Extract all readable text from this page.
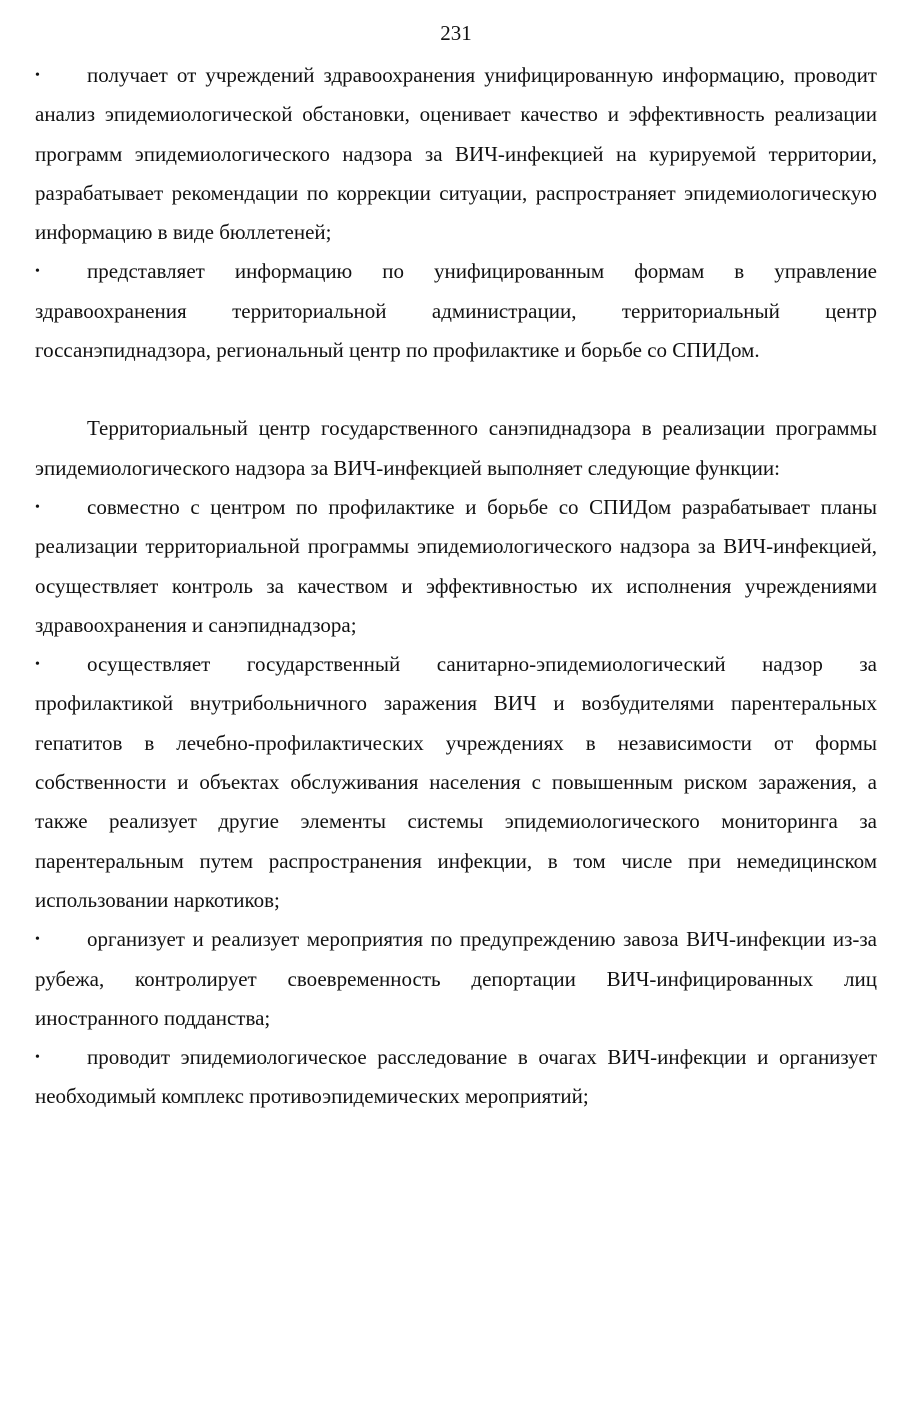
231

•	получает от учреждений здравоохранения унифицированную информацию, проводит анализ эпидемиологической обстановки, оценивает качество и эффективность реализации программ эпидемиологического надзора за ВИЧ-инфекцией на курируемой территории, разрабатывает рекомендации по коррекции ситуации, распространяет эпидемиологическую информацию в виде бюллетеней;

•	представляет информацию по унифицированным формам в управление здравоохранения территориальной администрации, территориальный центр госсанэпиднадзора, региональный центр по профилактике и борьбе со СПИДом.

Территориальный центр государственного санэпиднадзора в реализации программы эпидемиологического надзора за ВИЧ-инфекцией выполняет следующие функции:

•	совместно с центром по профилактике и борьбе со СПИДом разрабатывает планы реализации территориальной программы эпидемиологического надзора за ВИЧ-инфекцией, осуществляет контроль за качеством и эффективностью их исполнения учреждениями здравоохранения и санэпиднадзора;

•	осуществляет государственный санитарно-эпидемиологический надзор за профилактикой внутрибольничного заражения ВИЧ и возбудителями парентеральных гепатитов в лечебно-профилактических учреждениях в независимости от формы собственности и объектах обслуживания населения с повышенным риском заражения, а также реализует другие элементы системы эпидемиологического мониторинга за парентеральным путем распространения инфекции, в том числе при немедицинском использовании наркотиков;

•	организует и реализует мероприятия по предупреждению завоза ВИЧ-инфекции из-за рубежа, контролирует своевременность депортации ВИЧ-инфицированных лиц иностранного подданства;

•	проводит эпидемиологическое расследование в очагах ВИЧ-инфекции и организует необходимый комплекс противоэпидемических мероприятий;
